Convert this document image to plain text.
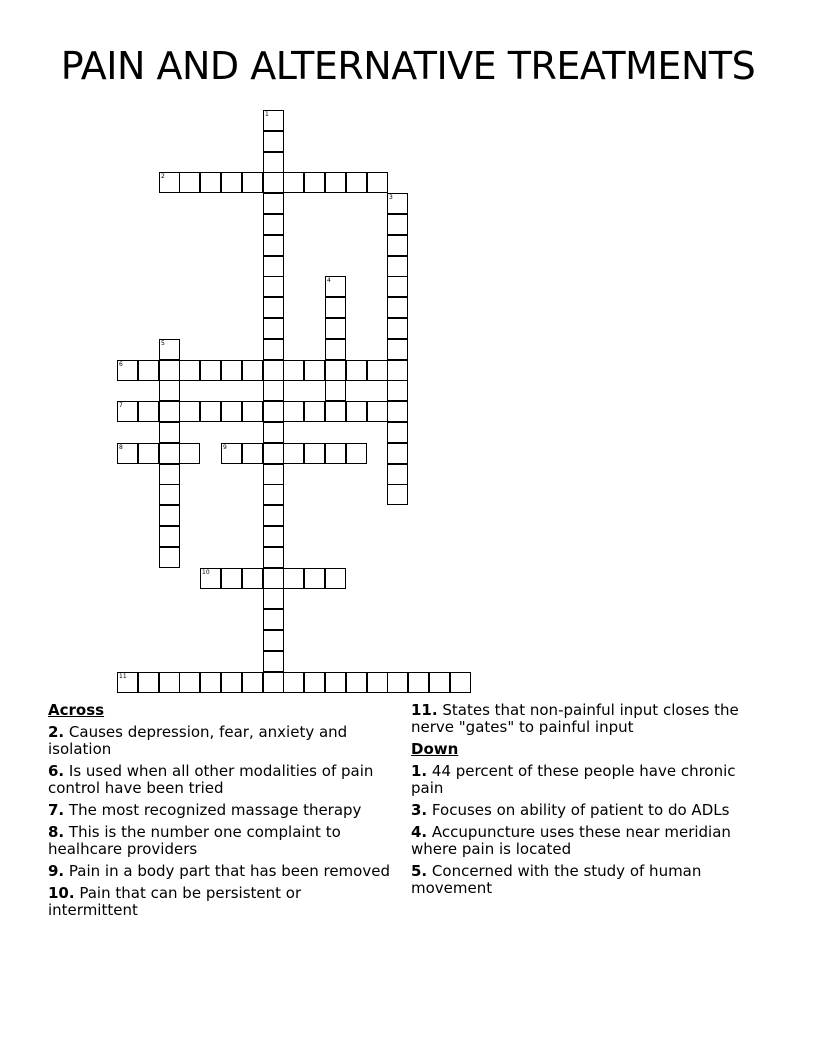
PAIN AND ALTERNATIVE TREATMENTS
1
2
3
4
5
6
7
8	9
10
11
Across
2. Causes depression, fear, anxiety and isolation
6. Is used when all other modalities of pain control have been tried
7. The most recognized massage therapy
8. This is the number one complaint to healhcare providers
9. Pain in a body part that has been removed
10. Pain that can be persistent or intermittent
11. States that non-painful input closes the nerve "gates" to painful input
Down
1. 44 percent of these people have chronic pain
3. Focuses on ability of patient to do ADLs
4. Accupuncture uses these near meridian where pain is located
5. Concerned with the study of human movement
